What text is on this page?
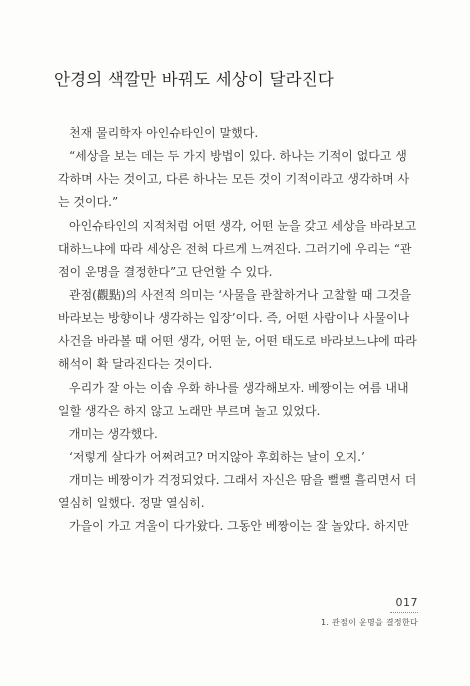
안경의 색깔만 바꿔도 세상이 달라진다
천재 물리학자 아인슈타인이 말했다.
“세상을 보는 데는 두 가지 방법이 있다. 하나는 기적이 없다고 생
각하며 사는 것이고, 다른 하나는 모든 것이 기적이라고 생각하며 사
는 것이다.”
아인슈타인의 지적처럼 어떤 생각, 어떤 눈을 갖고 세상을 바라보고
대하느냐에 따라 세상은 전혀 다르게 느껴진다. 그러기에 우리는 “관
점이 운명을 결정한다”고 단언할 수 있다.
관점(觀點)의 사전적 의미는 ‘사물을 관찰하거나 고찰할 때 그것을
바라보는 방향이나 생각하는 입장’이다. 즉, 어떤 사람이나 사물이나
사건을 바라볼 때 어떤 생각, 어떤 눈, 어떤 태도로 바라보느냐에 따라
해석이 확 달라진다는 것이다.
우리가 잘 아는 이솝 우화 하나를 생각해보자. 베짱이는 여름 내내
일할 생각은 하지 않고 노래만 부르며 놀고 있었다.
개미는 생각했다.
‘저렇게 살다가 어쩌려고? 머지않아 후회하는 날이 오지.’
개미는 베짱이가 걱정되었다. 그래서 자신은 땀을 뻘뻘 흘리면서 더
열심히 일했다. 정말 열심히.
가을이 가고 겨울이 다가왔다. 그동안 베짱이는 잘 놀았다. 하지만
017
1. 관점이 운명을 결정한다
